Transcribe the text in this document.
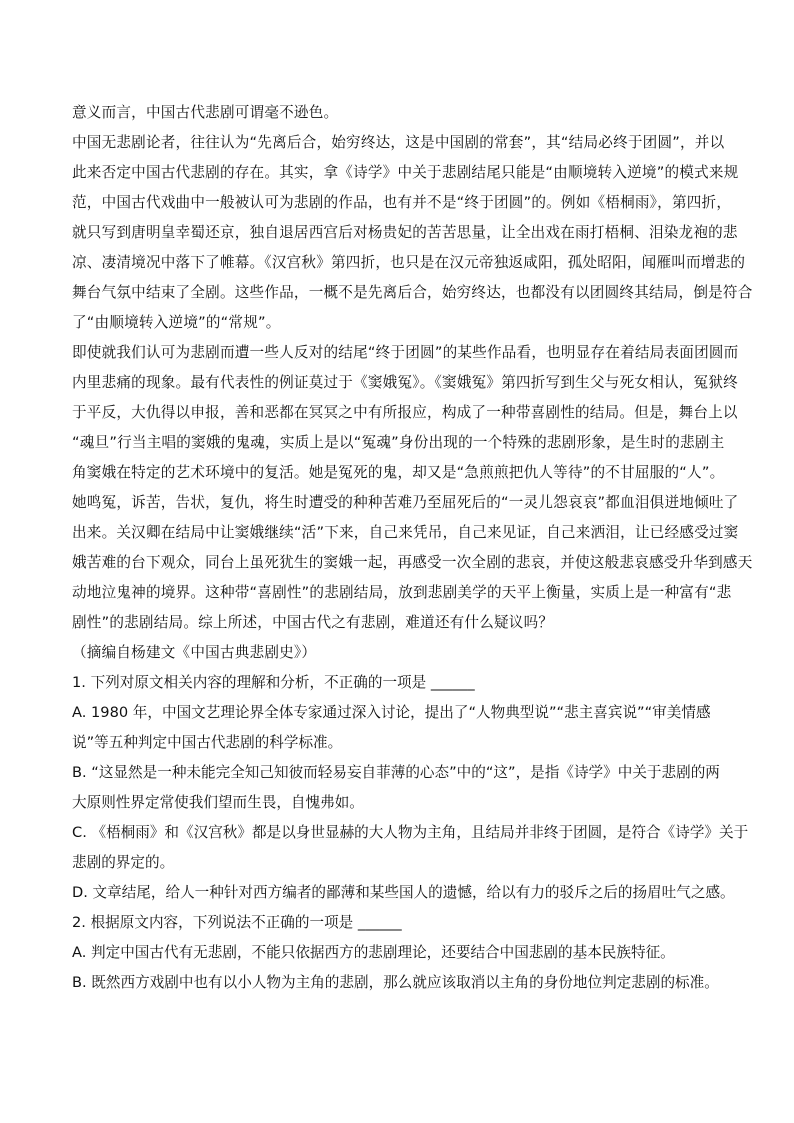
意义而言，中国古代悲剧可谓毫不逊色。

中国无悲剧论者，往往认为“先离后合，始穷终达，这是中国剧的常套”，其“结局必终于团圆”，并以

此来否定中国古代悲剧的存在。其实，拿《诗学》中关于悲剧结尾只能是“由顺境转入逆境”的模式来规

范，中国古代戏曲中一般被认可为悲剧的作品，也有并不是“终于团圆”的。例如《梧桐雨》，第四折，

就只写到唐明皇幸蜀还京，独自退居西宫后对杨贵妃的苦苦思量，让全出戏在雨打梧桐、泪染龙袍的悲

凉、凄清境况中落下了帷幕。《汉宫秋》第四折，也只是在汉元帝独返咸阳，孤处昭阳，闻雁叫而增悲的

舞台气氛中结束了全剧。这些作品，一概不是先离后合，始穷终达，也都没有以团圆终其结局，倒是符合

了“由顺境转入逆境”的“常规”。

即使就我们认可为悲剧而遭一些人反对的结尾“终于团圆”的某些作品看，也明显存在着结局表面团圆而

内里悲痛的现象。最有代表性的例证莫过于《窦娥冤》。《窦娥冤》第四折写到生父与死女相认，冤狱终

于平反，大仇得以申报，善和恶都在冥冥之中有所报应，构成了一种带喜剧性的结局。但是，舞台上以

“魂旦”行当主唱的窦娥的鬼魂，实质上是以“冤魂”身份出现的一个特殊的悲剧形象，是生时的悲剧主

角窦娥在特定的艺术环境中的复活。她是冤死的鬼，却又是“急煎煎把仇人等待”的不甘屈服的“人”。

她鸣冤，诉苦，告状，复仇，将生时遭受的种种苦难乃至屈死后的“一灵儿怨哀哀”都血泪俱迸地倾吐了

出来。关汉卿在结局中让窦娥继续“活”下来，自己来凭吊，自己来见证，自己来洒泪，让已经感受过窦

娥苦难的台下观众，同台上虽死犹生的窦娥一起，再感受一次全剧的悲哀，并使这般悲哀感受升华到感天

动地泣鬼神的境界。这种带“喜剧性”的悲剧结局，放到悲剧美学的天平上衡量，实质上是一种富有“悲

剧性”的悲剧结局。综上所述，中国古代之有悲剧，难道还有什么疑议吗？

（摘编自杨建文《中国古典悲剧史》）

1. 下列对原文相关内容的理解和分析，不正确的一项是 ______

A. 1980 年，中国文艺理论界全体专家通过深入讨论，提出了“人物典型说”“悲主喜宾说”“审美情感

说”等五种判定中国古代悲剧的科学标准。

B. “这显然是一种未能完全知己知彼而轻易妄自菲薄的心态”中的“这”，是指《诗学》中关于悲剧的两

大原则性界定常使我们望而生畏，自愧弗如。

C. 《梧桐雨》和《汉宫秋》都是以身世显赫的大人物为主角，且结局并非终于团圆，是符合《诗学》关于

悲剧的界定的。

D. 文章结尾，给人一种针对西方编者的鄙薄和某些国人的遗憾，给以有力的驳斥之后的扬眉吐气之感。

2. 根据原文内容，下列说法不正确的一项是 ______

A. 判定中国古代有无悲剧，不能只依据西方的悲剧理论，还要结合中国悲剧的基本民族特征。

B. 既然西方戏剧中也有以小人物为主角的悲剧，那么就应该取消以主角的身份地位判定悲剧的标准。
